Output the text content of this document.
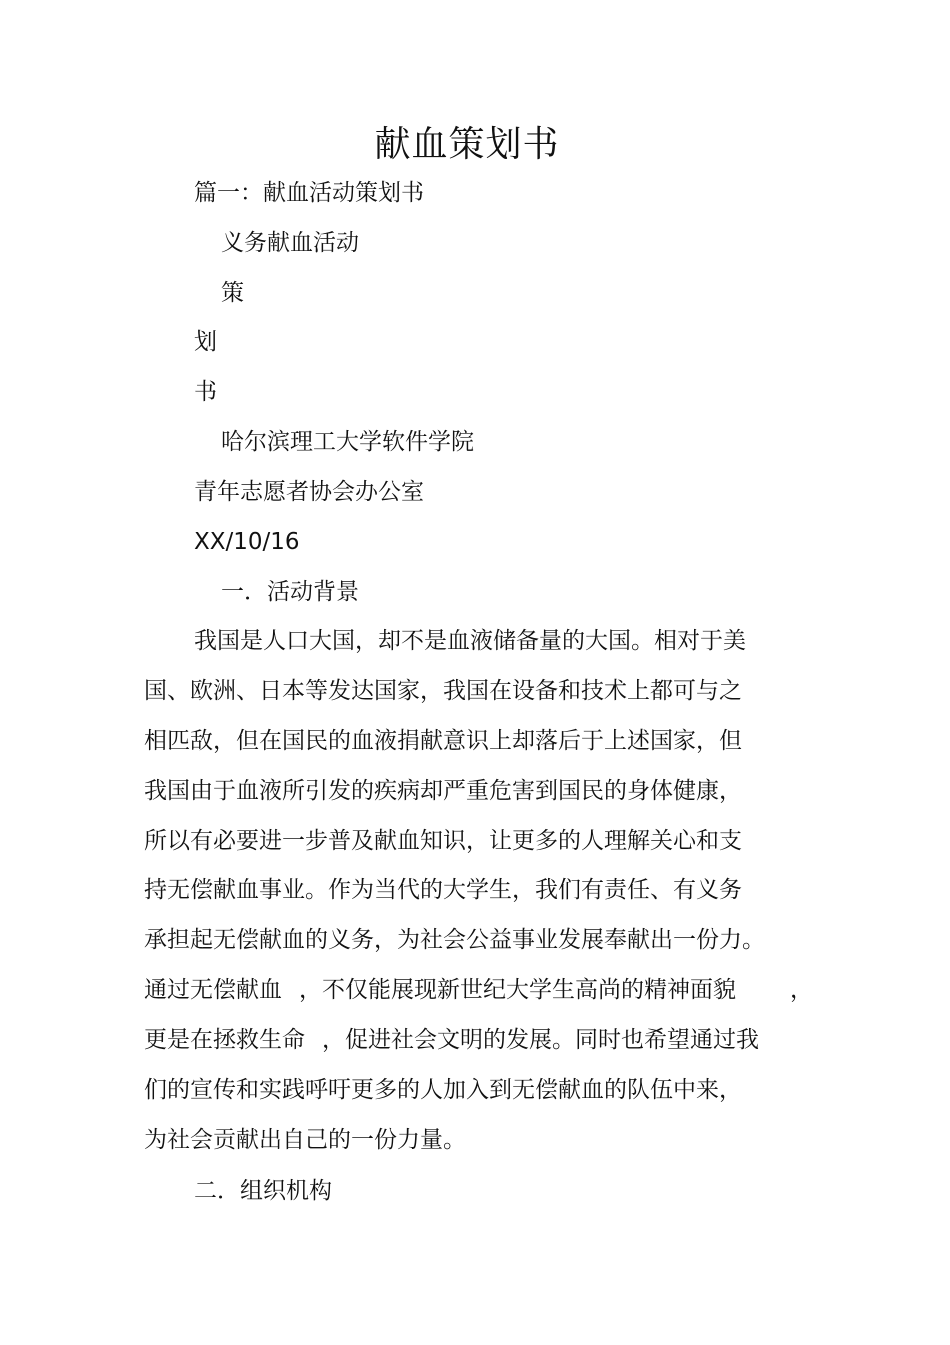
献血策划书
篇一：献血活动策划书
义务献血活动
策
划
书
哈尔滨理工大学软件学院
青年志愿者协会办公室
XX/10/16
一．活动背景
我国是人口大国，却不是血液储备量的大国。相对于美
国、欧洲、日本等发达国家，我国在设备和技术上都可与之
相匹敌，但在国民的血液捐献意识上却落后于上述国家，但
我国由于血液所引发的疾病却严重危害到国民的身体健康，
所以有必要进一步普及献血知识，让更多的人理解关心和支
持无偿献血事业。作为当代的大学生，我们有责任、有义务
承担起无偿献血的义务，为社会公益事业发展奉献出一份力。
通过无偿献血 ，不仅能展现新世纪大学生高尚的精神面貌 ，
更是在拯救生命 ，促进社会文明的发展。同时也希望通过我
们的宣传和实践呼吁更多的人加入到无偿献血的队伍中来，
为社会贡献出自己的一份力量。
二．组织机构
